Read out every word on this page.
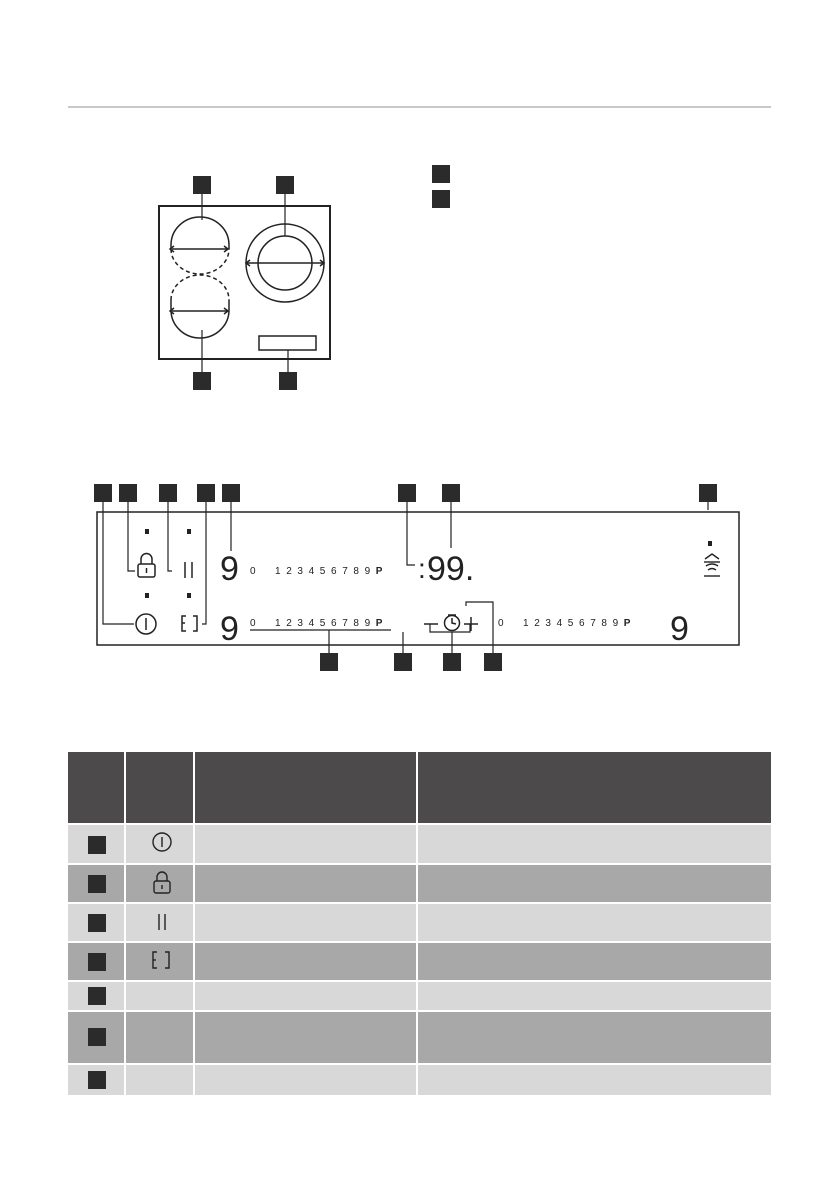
9
9	9
: 99.
0 1 2 3 4 5 6 7 8 9 P
0 1 2 3 4 5 6 7 8 9 P	0 1 2 3 4 5 6 7 8 9 P
